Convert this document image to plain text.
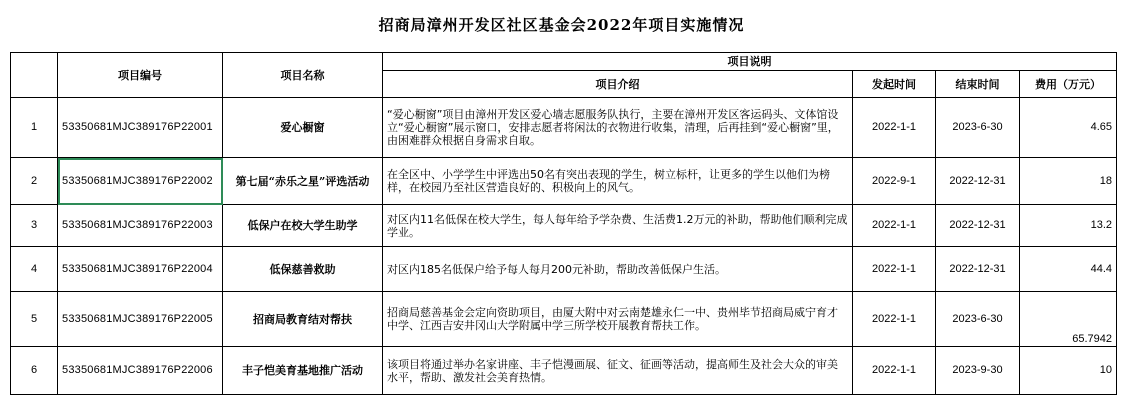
招商局漳州开发区社区基金会2022年项目实施情况
	项目编号	项目名称	项目说明			
			项目介绍	发起时间	结束时间	费用（万元）
1	53350681MJC389176P22001	爱心橱窗	“爱心橱窗”项目由漳州开发区爱心墙志愿服务队执行，主要在漳州开发区客运码头、文体馆设立“爱心橱窗”展示窗口，安排志愿者将闲汰的衣物进行收集，清理，后再挂到“爱心橱窗”里，由困难群众根据自身需求自取。	2022-1-1	2023-6-30	4.65
2	53350681MJC389176P22002	第七届“赤乐之星”评选活动	在全区中、小学学生中评选出50名有突出表现的学生，树立标杆，让更多的学生以他们为榜样，在校园乃至社区营造良好的、积极向上的风气。	2022-9-1	2022-12-31	18
3	53350681MJC389176P22003	低保户在校大学生助学	对区内11名低保在校大学生，每人每年给予学杂费、生活费1.2万元的补助，帮助他们顺利完成学业。	2022-1-1	2022-12-31	13.2
4	53350681MJC389176P22004	低保慈善救助	对区内185名低保户给予每人每月200元补助，帮助改善低保户生活。	2022-1-1	2022-12-31	44.4
5	53350681MJC389176P22005	招商局教育结对帮扶	招商局慈善基金会定向资助项目，由厦大附中对云南楚雄永仁一中、贵州毕节招商局威宁育才中学、江西吉安井冈山大学附属中学三所学校开展教育帮扶工作。	2022-1-1	2023-6-30	65.7942
6	53350681MJC389176P22006	丰子恺美育基地推广活动	该项目将通过举办名家讲座、丰子恺漫画展、征文、征画等活动，提高师生及社会大众的审美水平，帮助、激发社会美育热情。	2022-1-1	2023-9-30	10
